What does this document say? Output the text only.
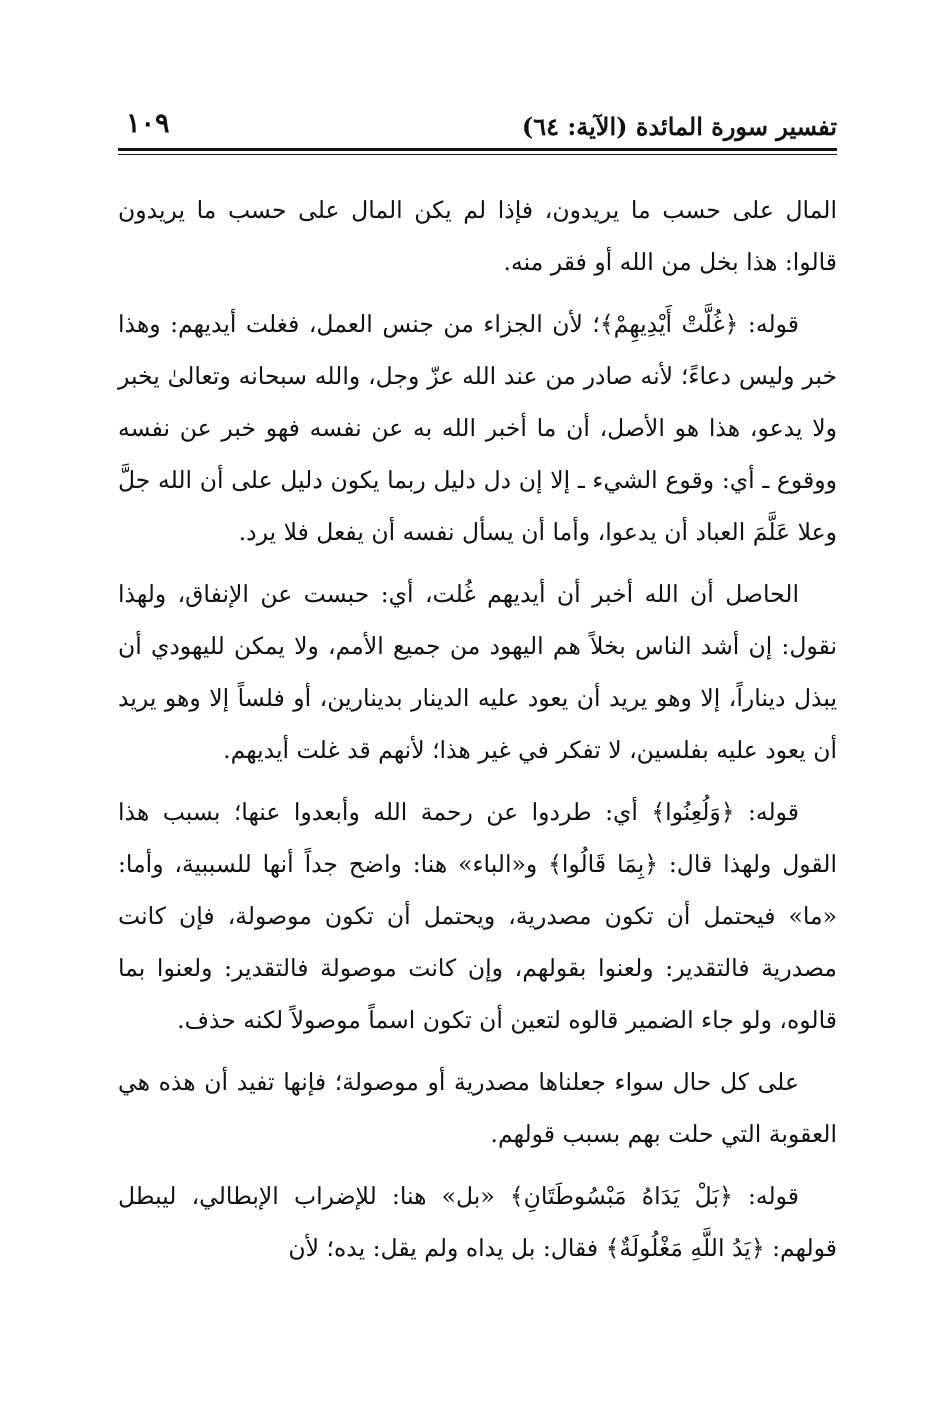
تفسير سورة المائدة (الآية: ٦٤)
١٠٩

المال على حسب ما يريدون، فإذا لم يكن المال على حسب ما يريدون قالوا: هذا بخل من الله أو فقر منه.

قوله: ﴿غُلَّتْ أَيْدِيهِمْ﴾؛ لأن الجزاء من جنس العمل، فغلت أيديهم: وهذا خبر وليس دعاءً؛ لأنه صادر من عند الله عزّ وجل، والله سبحانه وتعالىٰ يخبر ولا يدعو، هذا هو الأصل، أن ما أخبر الله به عن نفسه فهو خبر عن نفسه ووقوع ـ أي: وقوع الشيء ـ إلا إن دل دليل ربما يكون دليل على أن الله جلَّ وعلا عَلَّمَ العباد أن يدعوا، وأما أن يسأل نفسه أن يفعل فلا يرد.

الحاصل أن الله أخبر أن أيديهم غُلت، أي: حبست عن الإنفاق، ولهذا نقول: إن أشد الناس بخلاً هم اليهود من جميع الأمم، ولا يمكن لليهودي أن يبذل ديناراً، إلا وهو يريد أن يعود عليه الدينار بدينارين، أو فلساً إلا وهو يريد أن يعود عليه بفلسين، لا تفكر في غير هذا؛ لأنهم قد غلت أيديهم.

قوله: ﴿وَلُعِنُوا﴾ أي: طردوا عن رحمة الله وأبعدوا عنها؛ بسبب هذا القول ولهذا قال: ﴿بِمَا قَالُوا﴾ و«الباء» هنا: واضح جداً أنها للسببية، وأما: «ما» فيحتمل أن تكون مصدرية، ويحتمل أن تكون موصولة، فإن كانت مصدرية فالتقدير: ولعنوا بقولهم، وإن كانت موصولة فالتقدير: ولعنوا بما قالوه، ولو جاء الضمير قالوه لتعين أن تكون اسماً موصولاً لكنه حذف.

على كل حال سواء جعلناها مصدرية أو موصولة؛ فإنها تفيد أن هذه هي العقوبة التي حلت بهم بسبب قولهم.

قوله: ﴿بَلْ يَدَاهُ مَبْسُوطَتَانِ﴾ «بل» هنا: للإضراب الإبطالي، ليبطل قولهم: ﴿يَدُ اللَّهِ مَغْلُولَةٌ﴾ فقال: بل يداه ولم يقل: يده؛ لأن
